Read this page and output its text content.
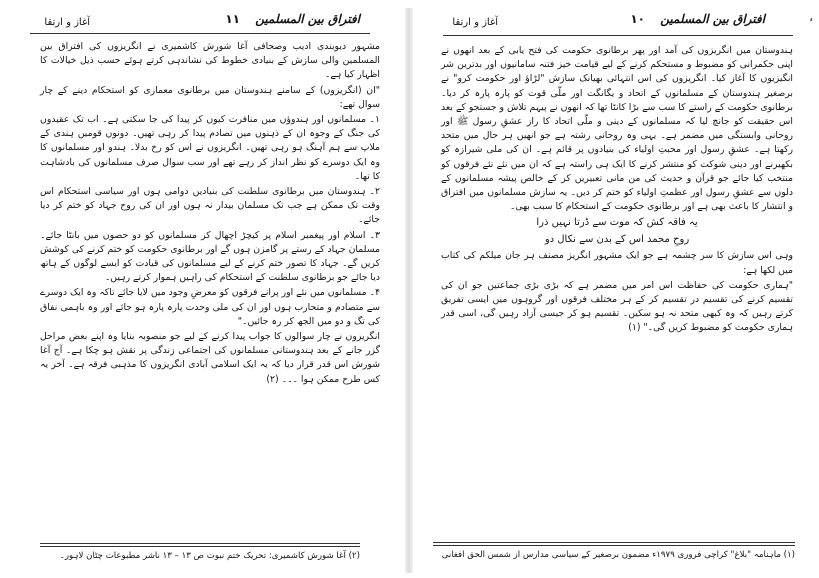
افتراق بین المسلمین
۱۱
آغاز و ارتقا

مشہور دیوبندی ادیب وصحافی آغا شورش کاشمیری نے انگریزوں کی افتراق بین المسلمین والی سازش کے بنیادی خطوط کی نشاندہی کرتے ہوئے حسب ذیل خیالات کا اظہار کیا ہے۔

"ان (انگریزوں) کے سامنے ہندوستان میں برطانوی معماری کو استحکام دینے کے چار سوال تھے:

۱۔ مسلمانوں اور ہندوؤں میں منافرت کیوں کر پیدا کی جا سکتی ہے۔ اب تک عقیدوں کی جنگ کے وجوہ ان کے ذہنوں میں تصادم پیدا کر رہی تھیں۔ دونوں قومیں ہندی کے ملاپ سے ہم آہنگ ہو رہی تھیں۔ انگریزوں نے اس کو رخ بدلا۔ ہندو اور مسلمانوں کا وہ ایک دوسرے کو نظر انداز کر رہے تھے اور سب سوال صرف مسلمانوں کی بادشاہت کا تھا۔

۲۔ ہندوستان میں برطانوی سلطنت کی بنیادیں دوامی ہوں اور سیاسی استحکام اس وقت تک ممکن ہے جب تک مسلمان بیدار نہ ہوں اور ان کی روح جہاد کو ختم کر دیا جائے۔

۳۔ اسلام اور پیغمبر اسلام پر کیچڑ اچھال کر مسلمانوں کو دو حصوں میں بانٹا جائے۔ مسلمان جہاد کے رستے پر گامزن ہوں گے اور برطانوی حکومت کو ختم کرنے کی کوشش کریں گے۔ جہاد کا تصور ختم کرنے کے لیے مسلمانوں کی قیادت کو ایسے لوگوں کے ہاتھ دیا جائے جو برطانوی سلطنت کے استحکام کی راہیں ہموار کرتے رہیں۔

۴۔ مسلمانوں میں نئے اور پرانے فرقوں کو معرضِ وجود میں لایا جائے تاکہ وہ ایک دوسرے سے متصادم و متحارب ہوں اور ان کی ملی وحدت پارہ پارہ ہو جائے اور وہ باہمی نفاق کی تگ و دو میں الجھ کر رہ جائیں۔"

انگریزوں نے چار سوالوں کا جواب پیدا کرنے کے لیے جو منصوبہ بنایا وہ اپنے بعض مراحل گزر جانے کے بعد ہندوستانی مسلمانوں کی اجتماعی زندگی پر نقش ہو چکا ہے۔ آج آغا شورش اس قدر قرار دیا کہ یہ ایک اسلامی آبادی انگریزوں کا مذہبی فرقہ ہے۔ آخر یہ کس طرح ممکن ہوا ۔۔۔ (۲)

(۲) آغا شورش کاشمیری: تحریک ختم نبوت ص ۱۳ – ۱۳ ناشر مطبوعات چٹان لاہور۔
،
افتراق بین المسلمین
۱۰
آغاز و ارتقا

ہندوستان میں انگریزوں کی آمد اور پھر برطانوی حکومت کی فتح یابی کے بعد انھوں نے اپنی حکمرانی کو مضبوط و مستحکم کرنے کے لیے قیامت خیز فتنہ سامانیوں اور بدترین شر انگیزیوں کا آغاز کیا۔ انگریزوں کی اس انتہائی بھیانک سازش "لڑاؤ اور حکومت کرو" نے برصغیر ہندوستان کے مسلمانوں کے اتحاد و یگانگت اور ملّی قوت کو پارہ پارہ کر دیا۔ برطانوی حکومت کے راستے کا سب سے بڑا کانٹا تھا کہ انھوں نے پیہم تلاش و جستجو کے بعد اس حقیقت کو جانچ لیا کہ مسلمانوں کے دینی و ملّی اتحاد کا راز عشقِ رسول ﷺ اور روحانی وابستگی میں مضمر ہے۔ یہی وہ روحانی رشتہ ہے جو انھیں ہر حال میں متحد رکھتا ہے۔ عشقِ رسول اور محبتِ اولیاء کی بنیادوں پر قائم ہے۔ ان کی ملی شیرازہ کو بکھیرنے اور دینی شوکت کو منتشر کرنے کا ایک ہی راستہ ہے کہ ان میں نئے نئے فرقوں کو منتخب کیا جائے جو قرآن و حدیث کی من مانی تعبیریں کر کے خالص پیشہ مسلمانوں کے دلوں سے عشقِ رسول اور عظمتِ اولیاء کو ختم کر دیں۔ یہ سازش مسلمانوں میں افتراق و انتشار کا باعث بھی ہے اور برطانوی حکومت کے استحکام کا سبب بھی۔

یہ فاقہ کش کہ موت سے ڈرتا نہیں ذرا

روحِ محمد اس کے بدن سے نکال دو

وہی اس سازش کا سر چشمہ ہے جو ایک مشہور انگریز مصنف ہر جان میلکم کی کتاب میں لکھا ہے:

"ہماری حکومت کی حفاظت اس امر میں مضمر ہے کہ بڑی بڑی جماعتیں جو ان کی تقسیم کرنے کی تقسیم در تقسیم کر کے ہر مختلف فرقوں اور گروہوں میں ایسی تفریق کرتے رہیں کہ وہ کبھی متحد نہ ہو سکیں۔ تقسیم ہو کر جیسی آزاد رہیں گی، اسی قدر ہماری حکومت کو مضبوط کریں گی۔" (۱)

(۱) ماہنامہ "بلاغ" کراچی فروری ۱۹۷۹ء مضمون برصغیر کے سیاسی مدارس از شمس الحق افغانی
